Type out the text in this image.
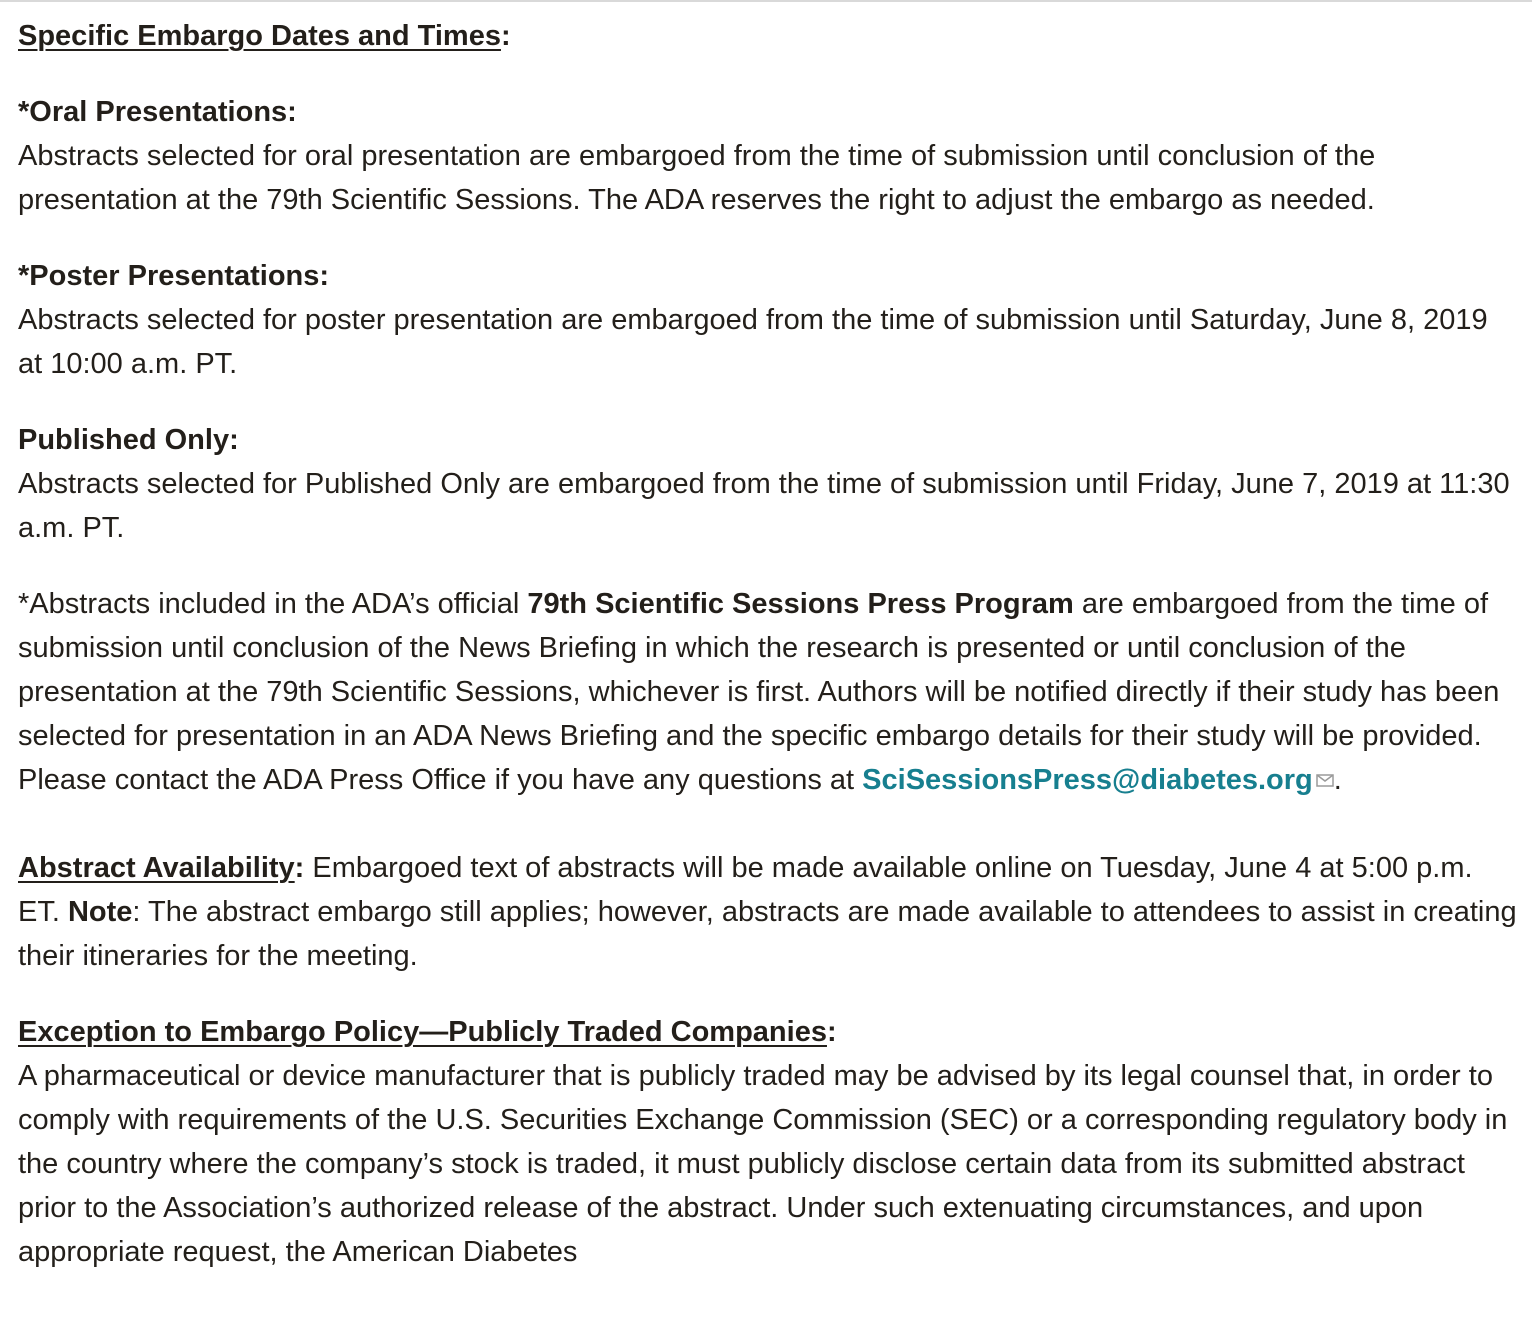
Specific Embargo Dates and Times:

*Oral Presentations:

Abstracts selected for oral presentation are embargoed from the time of submission until conclusion of the presentation at the 79th Scientific Sessions. The ADA reserves the right to adjust the embargo as needed.

*Poster Presentations:

Abstracts selected for poster presentation are embargoed from the time of submission until Saturday, June 8, 2019 at 10:00 a.m. PT.

Published Only:

Abstracts selected for Published Only are embargoed from the time of submission until Friday, June 7, 2019 at 11:30 a.m. PT.

*Abstracts included in the ADA’s official 79th Scientific Sessions Press Program are embargoed from the time of submission until conclusion of the News Briefing in which the research is presented or until conclusion of the presentation at the 79th Scientific Sessions, whichever is first. Authors will be notified directly if their study has been selected for presentation in an ADA News Briefing and the specific embargo details for their study will be provided. Please contact the ADA Press Office if you have any questions at SciSessionsPress@diabetes.org .

Abstract Availability: Embargoed text of abstracts will be made available online on Tuesday, June 4 at 5:00 p.m. ET. Note: The abstract embargo still applies; however, abstracts are made available to attendees to assist in creating their itineraries for the meeting.

Exception to Embargo Policy—Publicly Traded Companies:

A pharmaceutical or device manufacturer that is publicly traded may be advised by its legal counsel that, in order to comply with requirements of the U.S. Securities Exchange Commission (SEC) or a corresponding regulatory body in the country where the company’s stock is traded, it must publicly disclose certain data from its submitted abstract prior to the Association’s authorized release of the abstract. Under such extenuating circumstances, and upon appropriate request, the American Diabetes
